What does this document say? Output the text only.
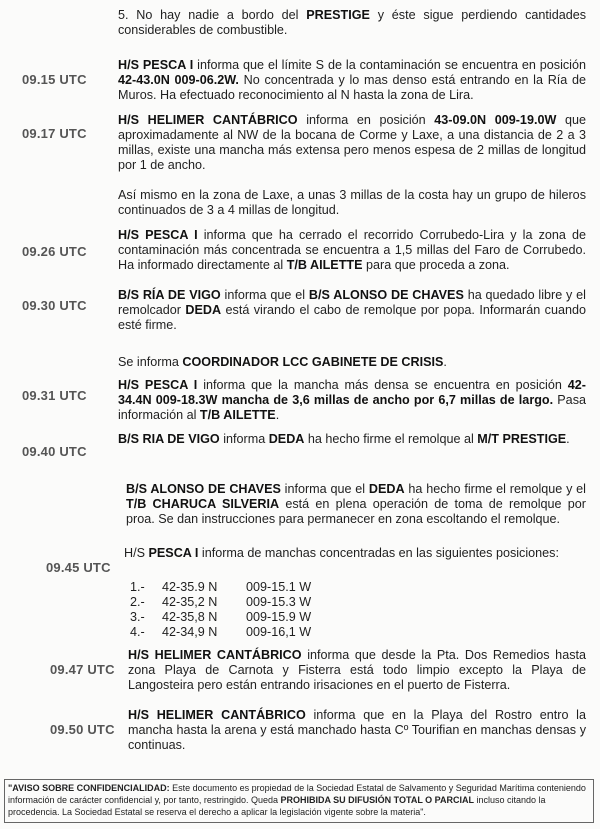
5. No hay nadie a bordo del PRESTIGE y éste sigue perdiendo cantidades considerables de combustible.
09.15 UTC
H/S PESCA I informa que el límite S de la contaminación se encuentra en posición 42-43.0N 009-06.2W. No concentrada y lo mas denso está entrando en la Ría de Muros. Ha efectuado reconocimiento al N hasta la zona de Lira.
09.17 UTC
H/S HELIMER CANTÁBRICO informa en posición 43-09.0N 009-19.0W que aproximadamente al NW de la bocana de Corme y Laxe, a una distancia de 2 a 3 millas, existe una mancha más extensa pero menos espesa de 2 millas de longitud por 1 de ancho.
Así mismo en la zona de Laxe, a unas 3 millas de la costa hay un grupo de hileros continuados de 3 a 4 millas de longitud.
09.26 UTC
H/S PESCA I informa que ha cerrado el recorrido Corrubedo-Lira y la zona de contaminación más concentrada se encuentra a 1,5 millas del Faro de Corrubedo. Ha informado directamente al T/B AILETTE para que proceda a zona.
09.30 UTC
B/S RÍA DE VIGO informa que el B/S ALONSO DE CHAVES ha quedado libre y el remolcador DEDA está virando el cabo de remolque por popa. Informarán cuando esté firme.
Se informa COORDINADOR LCC GABINETE DE CRISIS.
09.31 UTC
H/S PESCA I informa que la mancha más densa se encuentra en posición 42-34.4N 009-18.3W mancha de 3,6 millas de ancho por 6,7 millas de largo. Pasa información al T/B AILETTE.
09.40 UTC
B/S RIA DE VIGO informa DEDA ha hecho firme el remolque al M/T PRESTIGE.
B/S ALONSO DE CHAVES informa que el DEDA ha hecho firme el remolque y el T/B CHARUCA SILVERIA está en plena operación de toma de remolque por proa. Se dan instrucciones para permanecer en zona escoltando el remolque.
09.45 UTC
H/S PESCA I informa de manchas concentradas en las siguientes posiciones:
1.-	42-35.9 N	009-15.1 W
2.-	42-35,2 N	009-15.3 W
3.-	42-35,8 N	009-15.9 W
4.-	42-34,9 N	009-16,1 W
09.47 UTC
H/S HELIMER CANTÁBRICO informa que desde la Pta. Dos Remedios hasta zona Playa de Carnota y Fisterra está todo limpio excepto la Playa de Langosteira pero están entrando irisaciones en el puerto de Fisterra.
09.50 UTC
H/S HELIMER CANTÁBRICO informa que en la Playa del Rostro entro la mancha hasta la arena y está manchado hasta Cº Tourifian en manchas densas y continuas.
"AVISO SOBRE CONFIDENCIALIDAD: Este documento es propiedad de la Sociedad Estatal de Salvamento y Seguridad Marítima conteniendo información de carácter confidencial y, por tanto, restringido. Queda PROHIBIDA SU DIFUSIÓN TOTAL O PARCIAL incluso citando la procedencia. La Sociedad Estatal se reserva el derecho a aplicar la legislación vigente sobre la materia".
